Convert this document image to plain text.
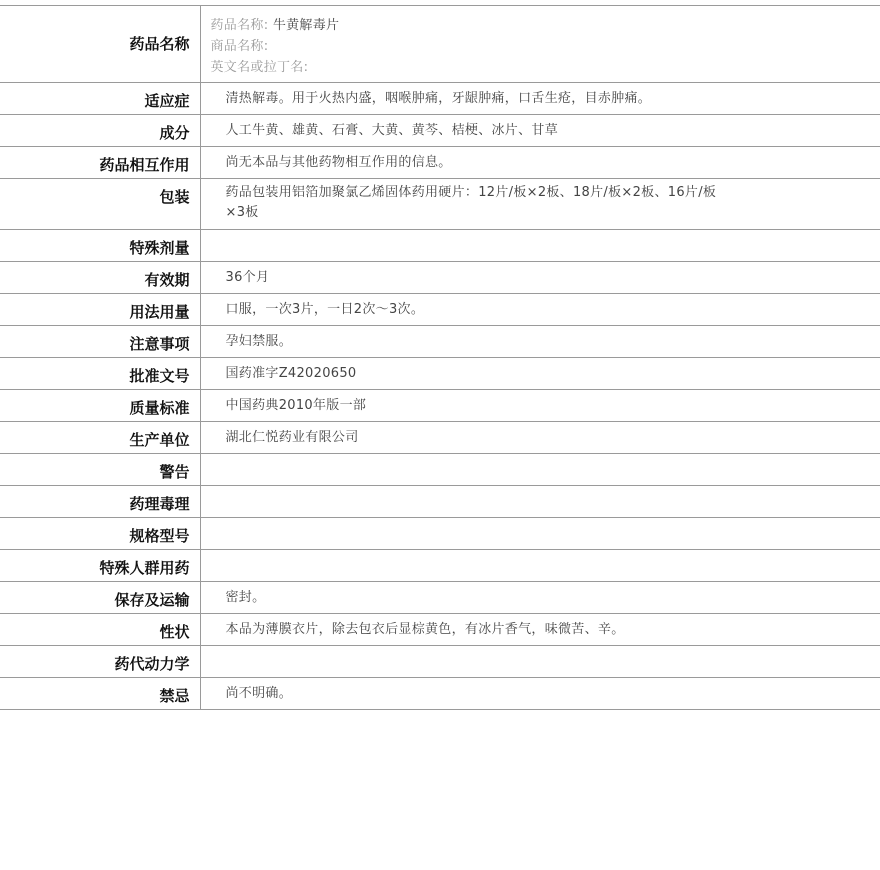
药品名称	药品名称: 牛黄解毒片
商品名称:
英文名或拉丁名:

适应症	清热解毒。用于火热内盛，咽喉肿痛，牙龈肿痛，口舌生疮，目赤肿痛。

成分	人工牛黄、雄黄、石膏、大黄、黄芩、桔梗、冰片、甘草

药品相互作用	尚无本品与其他药物相互作用的信息。

包装	药品包装用铝箔加聚氯乙烯固体药用硬片：12片/板×2板、18片/板×2板、16片/板×3板

特殊剂量	

有效期	36个月

用法用量	口服，一次3片，一日2次～3次。

注意事项	孕妇禁服。

批准文号	国药准字Z42020650

质量标准	中国药典2010年版一部

生产单位	湖北仁悦药业有限公司

警告	

药理毒理	

规格型号	

特殊人群用药	

保存及运输	密封。

性状	本品为薄膜衣片，除去包衣后显棕黄色，有冰片香气，味微苦、辛。

药代动力学	

禁忌	尚不明确。
